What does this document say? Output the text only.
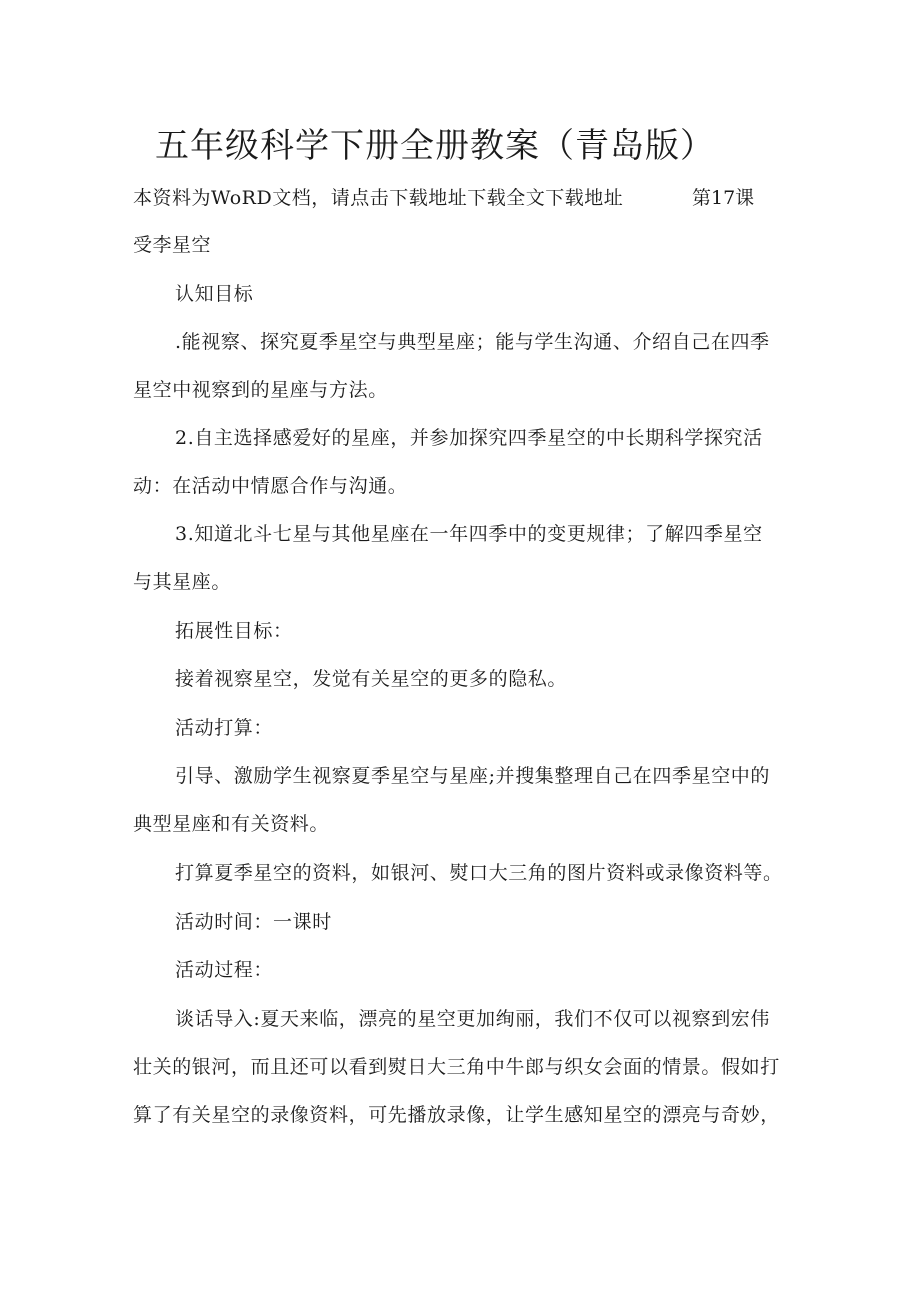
五年级科学下册全册教案（青岛版）
本资料为WoRD文档，请点击下载地址下载全文下载地址	第17课
受李星空
认知目标
.能视察、探究夏季星空与典型星座；能与学生沟通、介绍自己在四季
星空中视察到的星座与方法。
2.自主选择感爱好的星座，并参加探究四季星空的中长期科学探究活
动：在活动中情愿合作与沟通。
3.知道北斗七星与其他星座在一年四季中的变更规律；了解四季星空
与其星座。
拓展性目标：
接着视察星空，发觉有关星空的更多的隐私。
活动打算：
引导、激励学生视察夏季星空与星座;并搜集整理自己在四季星空中的
典型星座和有关资料。
打算夏季星空的资料，如银河、熨口大三角的图片资料或录像资料等。
活动时间：一课时
活动过程：
谈话导入:夏天来临，漂亮的星空更加绚丽，我们不仅可以视察到宏伟
壮关的银河，而且还可以看到熨日大三角中牛郎与织女会面的情景。假如打
算了有关星空的录像资料，可先播放录像，让学生感知星空的漂亮与奇妙，
